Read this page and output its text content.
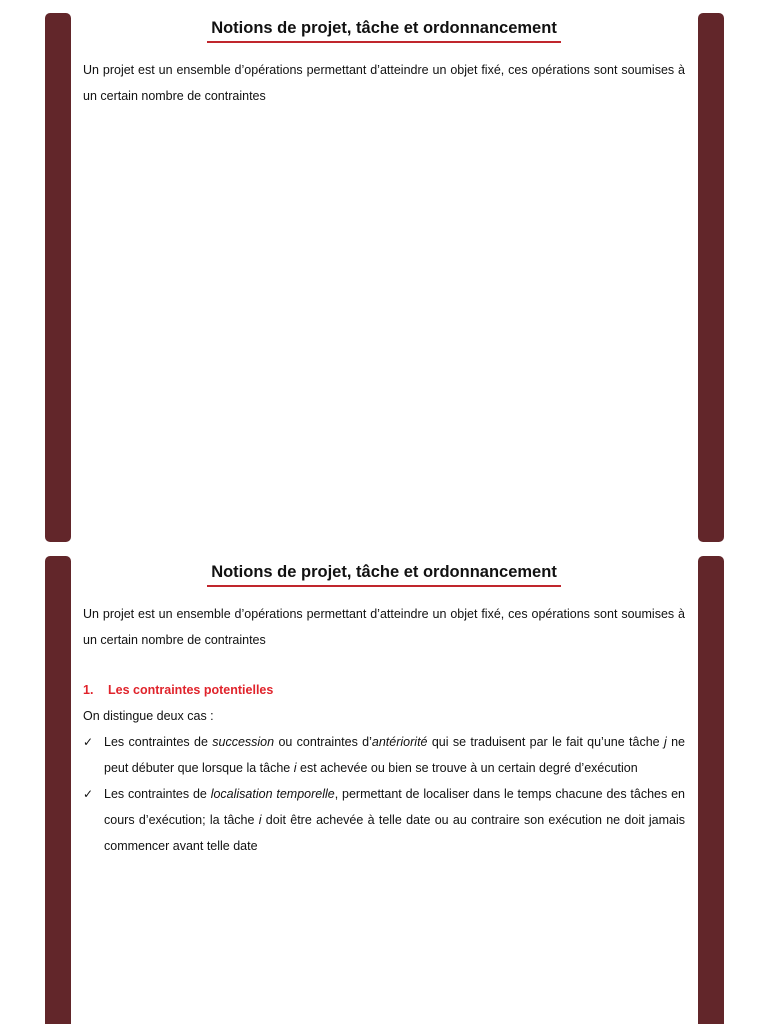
Notions de projet, tâche et ordonnancement

Un projet est un ensemble d’opérations permettant d’atteindre un objet fixé, ces opérations sont soumises à un certain nombre de contraintes

Notions de projet, tâche et ordonnancement

Un projet est un ensemble d’opérations permettant d’atteindre un objet fixé, ces opérations sont soumises à un certain nombre de contraintes

1. Les contraintes potentielles

On distingue deux cas :

✓ Les contraintes de succession ou contraintes d’antériorité qui se traduisent par le fait qu’une tâche j ne peut débuter que lorsque la tâche i est achevée ou bien se trouve à un certain degré d’exécution
✓ Les contraintes de localisation temporelle, permettant de localiser dans le temps chacune des tâches en cours d’exécution; la tâche i doit être achevée à telle date ou au contraire son exécution ne doit jamais commencer avant telle date
